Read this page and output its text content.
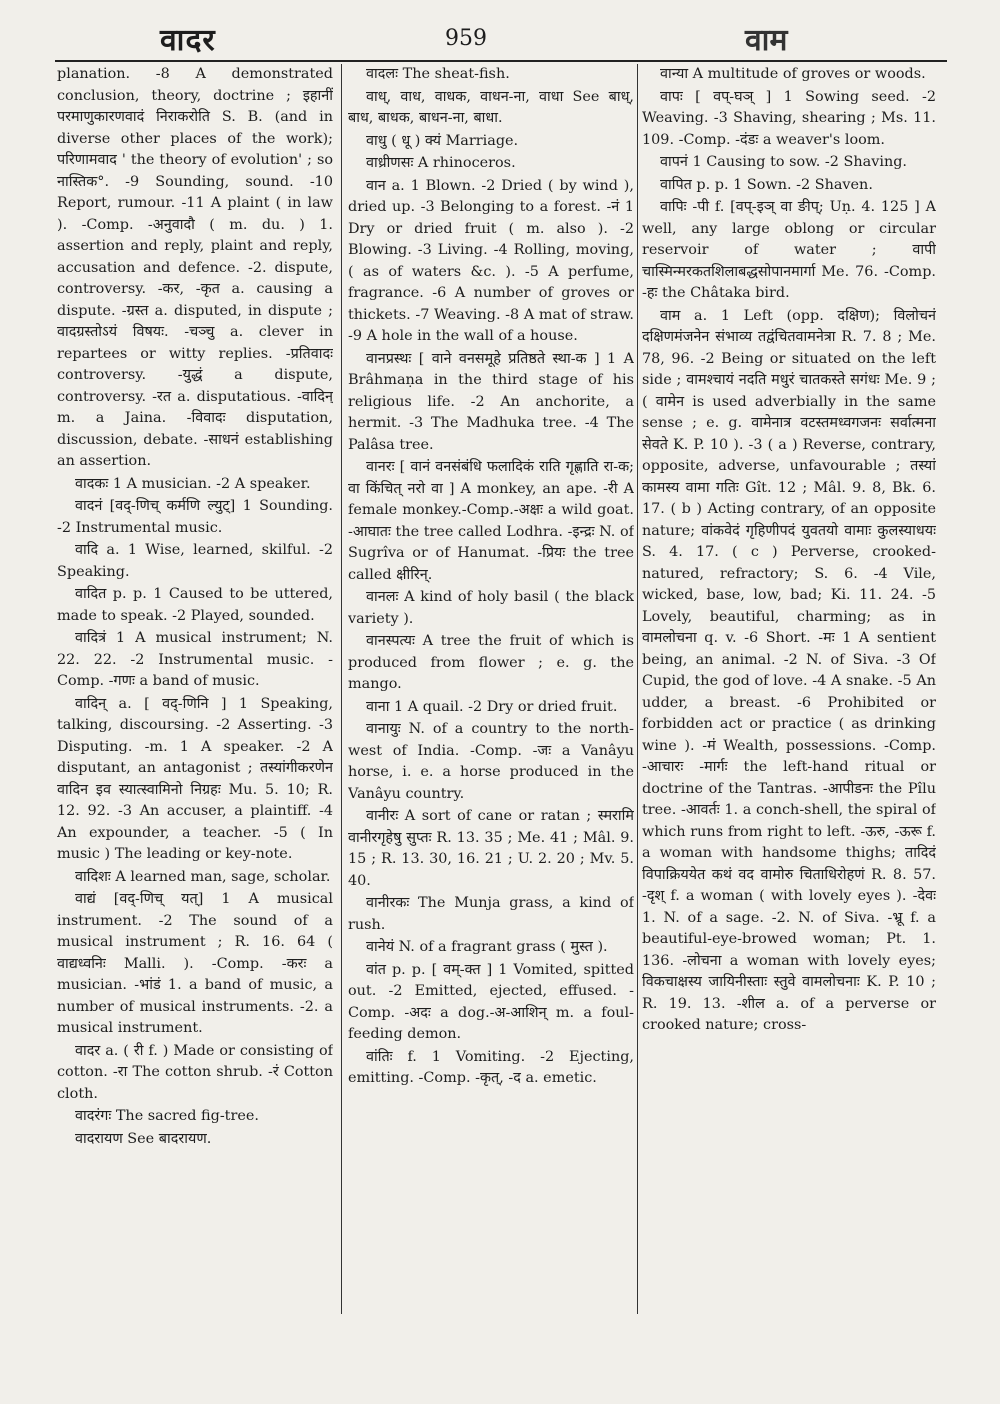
वादर	959	वाम

planation. -8 A demonstrated conclusion, theory, doctrine ; इहानीं परमाणुकारणवादं निराकरोति S. B. (and in diverse other places of the work); परिणामवाद ' the theory of evolution' ; so नास्तिक°. -9 Sounding, sound. -10 Report, rumour. -11 A plaint ( in law ). -Comp. -अनुवादौ ( m. du. ) 1. assertion and reply, plaint and reply, accusation and defence. -2. dispute, controversy. -कर, -कृत a. causing a dispute. -ग्रस्त a. disputed, in dispute ; वादग्रस्तोऽयं विषयः. -चञ्चु a. clever in repartees or witty replies. -प्रतिवादः controversy. -युद्धं a dispute, controversy. -रत a. disputatious. -वादिन् m. a Jaina. -विवादः disputation, discussion, debate. -साधनं establishing an assertion.

वादकः 1 A musician. -2 A speaker.

वादनं [वद्-णिच् कर्मणि ल्युट्] 1 Sounding. -2 Instrumental music.

वादि a. 1 Wise, learned, skilful. -2 Speaking.

वादित p. p. 1 Caused to be uttered, made to speak. -2 Played, sounded.

वादित्रं 1 A musical instrument; N. 22. 22. -2 Instrumental music. -Comp. -गणः a band of music.

वादिन् a. [ वद्-णिनि ] 1 Speaking, talking, discoursing. -2 Asserting. -3 Disputing. -m. 1 A speaker. -2 A disputant, an antagonist ; तस्यांगीकरणेन वादिन इव स्यात्स्वामिनो निग्रहः Mu. 5. 10; R. 12. 92. -3 An accuser, a plaintiff. -4 An expounder, a teacher. -5 ( In music ) The leading or key-note.

वादिशः A learned man, sage, scholar.

वाद्यं [वद्-णिच् यत्] 1 A musical instrument. -2 The sound of a musical instrument ; R. 16. 64 ( वाद्यध्वनिः Malli. ). -Comp. -करः a musician. -भांडं 1. a band of music, a number of musical instruments. -2. a musical instrument.

वादर a. ( री f. ) Made or consisting of cotton. -रा The cotton shrub. -रं Cotton cloth.

वादरंगः The sacred fig-tree.

वादरायण See बादरायण.

वादलः The sheat-fish.

वाध्, वाध, वाधक, वाधन-ना, वाधा See बाध्, बाध, बाधक, बाधन-ना, बाधा.

वाधु ( धू ) क्यं Marriage.

वाध्रीणसः A rhinoceros.

वान a. 1 Blown. -2 Dried ( by wind ), dried up. -3 Belonging to a forest. -नं 1 Dry or dried fruit ( m. also ). -2 Blowing. -3 Living. -4 Rolling, moving, ( as of waters &c. ). -5 A perfume, fragrance. -6 A number of groves or thickets. -7 Weaving. -8 A mat of straw. -9 A hole in the wall of a house.

वानप्रस्थः [ वाने वनसमूहे प्रतिष्ठते स्था-क ] 1 A Brâhmaṇa in the third stage of his religious life. -2 An anchorite, a hermit. -3 The Madhuka tree. -4 The Palâsa tree.

वानरः [ वानं वनसंबंधि फलादिकं राति गृह्णाति रा-क; वा किंचित् नरो वा ] A monkey, an ape. -री A female monkey.-Comp.-अक्षः a wild goat. -आघातः the tree called Lodhra. -इन्द्रः N. of Sugrîva or of Hanumat. -प्रियः the tree called क्षीरिन्.

वानलः A kind of holy basil ( the black variety ).

वानस्पत्यः A tree the fruit of which is produced from flower ; e. g. the mango.

वाना 1 A quail. -2 Dry or dried fruit.

वानायुः N. of a country to the north-west of India. -Comp. -जः a Vanâyu horse, i. e. a horse produced in the Vanâyu country.

वानीरः A sort of cane or ratan ; स्मरामि वानीरगृहेषु सुप्तः R. 13. 35 ; Me. 41 ; Mâl. 9. 15 ; R. 13. 30, 16. 21 ; U. 2. 20 ; Mv. 5. 40.

वानीरकः The Munja grass, a kind of rush.

वानेयं N. of a fragrant grass ( मुस्त ).

वांत p. p. [ वम्-क्त ] 1 Vomited, spitted out. -2 Emitted, ejected, effused. -Comp. -अदः a dog.-अ-आशिन् m. a foul-feeding demon.

वांतिः f. 1 Vomiting. -2 Ejecting, emitting. -Comp. -कृत्, -द a. emetic.

वान्या A multitude of groves or woods.

वापः [ वप्-घञ् ] 1 Sowing seed. -2 Weaving. -3 Shaving, shearing ; Ms. 11. 109. -Comp. -दंडः a weaver's loom.

वापनं 1 Causing to sow. -2 Shaving.

वापित p. p. 1 Sown. -2 Shaven.

वापिः -पी f. [वप्-इञ् वा ङीप्; Uṇ. 4. 125 ] A well, any large oblong or circular reservoir of water ; वापी चास्मिन्मरकतशिलाबद्धसोपानमार्गा Me. 76. -Comp. -हः the Châtaka bird.

वाम a. 1 Left (opp. दक्षिण); विलोचनं दक्षिणमंजनेन संभाव्य तद्वंचितवामनेत्रा R. 7. 8 ; Me. 78, 96. -2 Being or situated on the left side ; वामश्चायं नदति मधुरं चातकस्ते सगंधः Me. 9 ; ( वामेन is used adverbially in the same sense ; e. g. वामेनात्र वटस्तमध्वगजनः सर्वात्मना सेवते K. P. 10 ). -3 ( a ) Reverse, contrary, opposite, adverse, unfavourable ; तस्यां कामस्य वामा गतिः Gît. 12 ; Mâl. 9. 8, Bk. 6. 17. ( b ) Acting contrary, of an opposite nature; वांकवेदं गृहिणीपदं युवतयो वामाः कुलस्याधयः S. 4. 17. ( c ) Perverse, crooked-natured, refractory; S. 6. -4 Vile, wicked, base, low, bad; Ki. 11. 24. -5 Lovely, beautiful, charming; as in वामलोचना q. v. -6 Short. -मः 1 A sentient being, an animal. -2 N. of Siva. -3 Of Cupid, the god of love. -4 A snake. -5 An udder, a breast. -6 Prohibited or forbidden act or practice ( as drinking wine ). -मं Wealth, possessions. -Comp. -आचारः -मार्गः the left-hand ritual or doctrine of the Tantras. -आपीडनः the Pîlu tree. -आवर्तः 1. a conch-shell, the spiral of which runs from right to left. -ऊरु, -ऊरू f. a woman with handsome thighs; तादिदं विपाक्रिययेत कथं वद वामोरु चिताधिरोहणं R. 8. 57. -दृश् f. a woman ( with lovely eyes ). -देवः 1. N. of a sage. -2. N. of Siva. -भ्रू f. a beautiful-eye-browed woman; Pt. 1. 136. -लोचना a woman with lovely eyes; विकचाक्षस्य जायिनीस्ताः स्तुवे वामलोचनाः K. P. 10 ; R. 19. 13. -शील a. of a perverse or crooked nature; cross-
